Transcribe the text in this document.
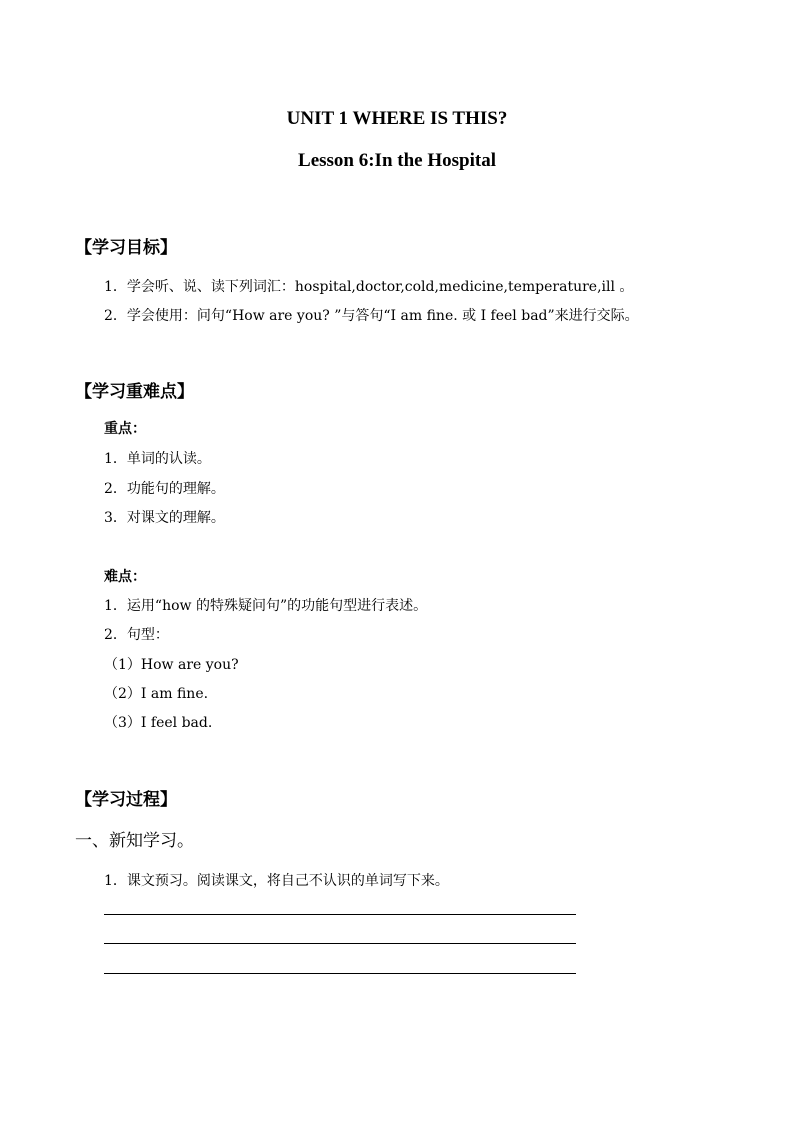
UNIT 1 WHERE IS THIS?
Lesson 6:In the Hospital
【学习目标】
1．学会听、说、读下列词汇：hospital,doctor,cold,medicine,temperature,ill 。
2．学会使用：问句“How are you? ”与答句“I am fine. 或 I feel bad”来进行交际。
【学习重难点】
重点：
1．单词的认读。
2．功能句的理解。
3．对课文的理解。
难点：
1．运用“how 的特殊疑问句”的功能句型进行表述。
2．句型：
（1）How are you?
（2）I am fine.
（3）I feel bad.
【学习过程】
一、新知学习。
1．课文预习。阅读课文，将自己不认识的单词写下来。
